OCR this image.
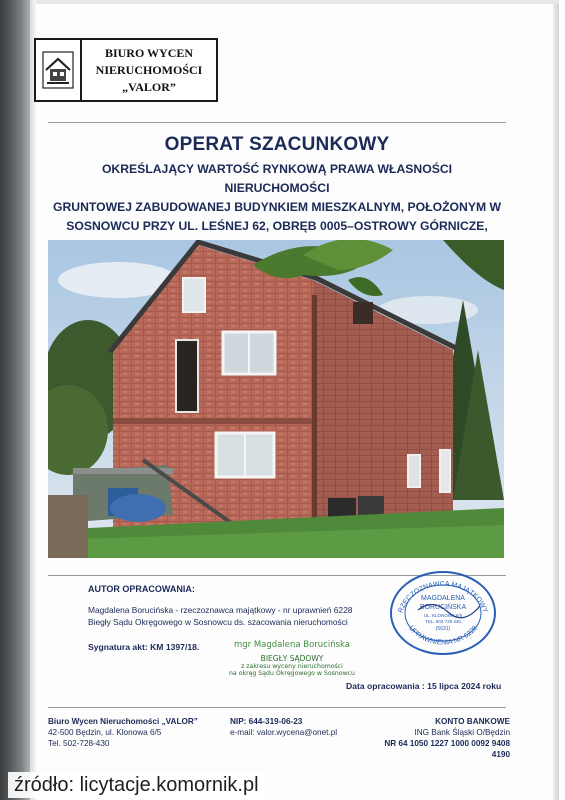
BIURO WYCEN
NIERUCHOMOŚCI
„VALOR”
OPERAT SZACUNKOWY
OKREŚLAJĄCY WARTOŚĆ RYNKOWĄ PRAWA WŁASNOŚCI NIERUCHOMOŚCI
GRUNTOWEJ ZABUDOWANEJ BUDYNKIEM MIESZKALNYM, POŁOŻONYM W
SOSNOWCU PRZY UL. LEŚNEJ 62, OBRĘB 0005–OSTROWY GÓRNICZE,
AUTOR OPRACOWANIA:
Magdalena Borucińska - rzeczoznawca majątkowy - nr uprawnień 6228
Biegły Sądu Okręgowego w Sosnowcu ds. szacowania nieruchomości
Sygnatura akt: KM 1397/18.	mgr Magdalena Borucińska
BIEGŁY SĄDOWY
z zakresu wyceny nieruchomości
na okręg Sądu Okręgowego w Sosnowcu
RZECZOZNAWCA MAJĄTKOWY
UPRAWNIENIA NR 6228
MAGDALENA
BORUCIŃSKA
UL. KLONOWA 6/5
TEL. 502 728 430
(5631)
Data opracowania : 15 lipca 2024 roku
Biuro Wycen Nieruchomości „VALOR”
42-500 Będzin, ul. Klonowa 6/5
Tel. 502-728-430
NIP: 644-319-06-23
e-mail: valor.wycena@onet.pl
KONTO BANKOWE
ING Bank Śląski O/Będzin
NR 64 1050 1227 1000 0092 9408 4190
źródło: licytacje.komornik.pl
